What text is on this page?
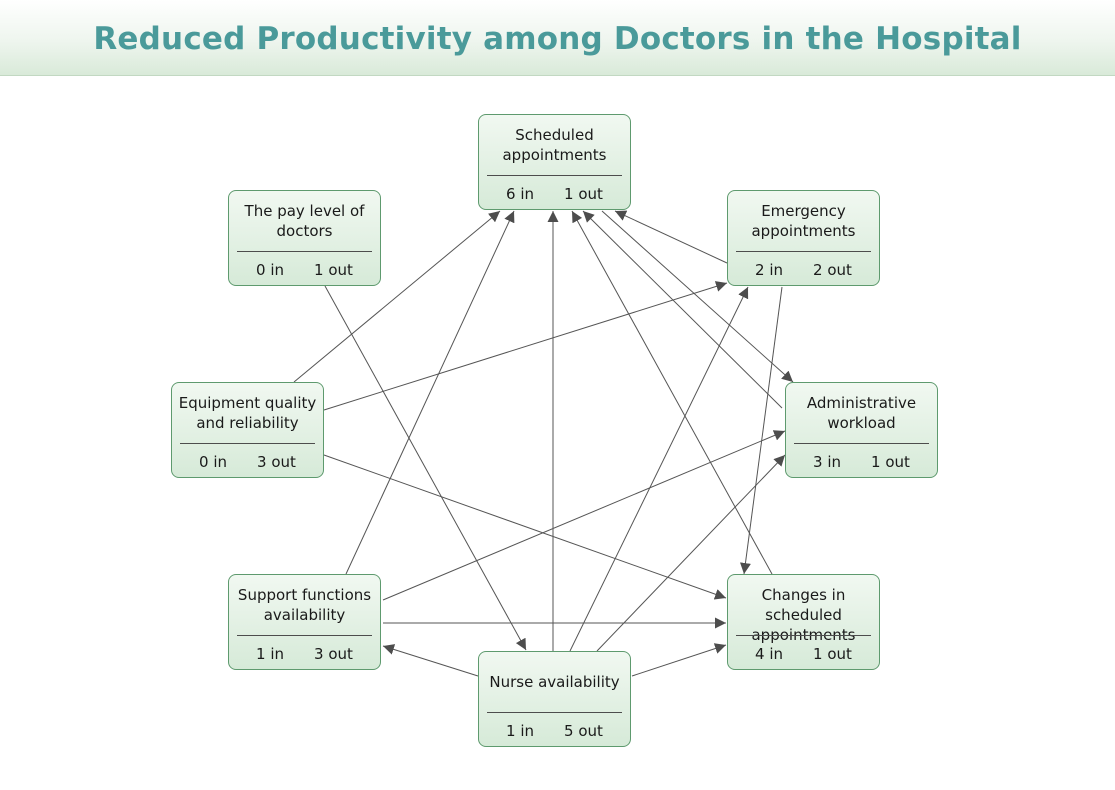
Reduced Productivity among Doctors in the Hospital
Scheduled appointments
6 in 1 out
The pay level of doctors
0 in 1 out
Emergency appointments
2 in 2 out
Equipment quality and reliability
0 in 3 out
Administrative workload
3 in 1 out
Support functions availability
1 in 3 out
Changes in scheduled appointments
4 in 1 out
Nurse availability
1 in 5 out
